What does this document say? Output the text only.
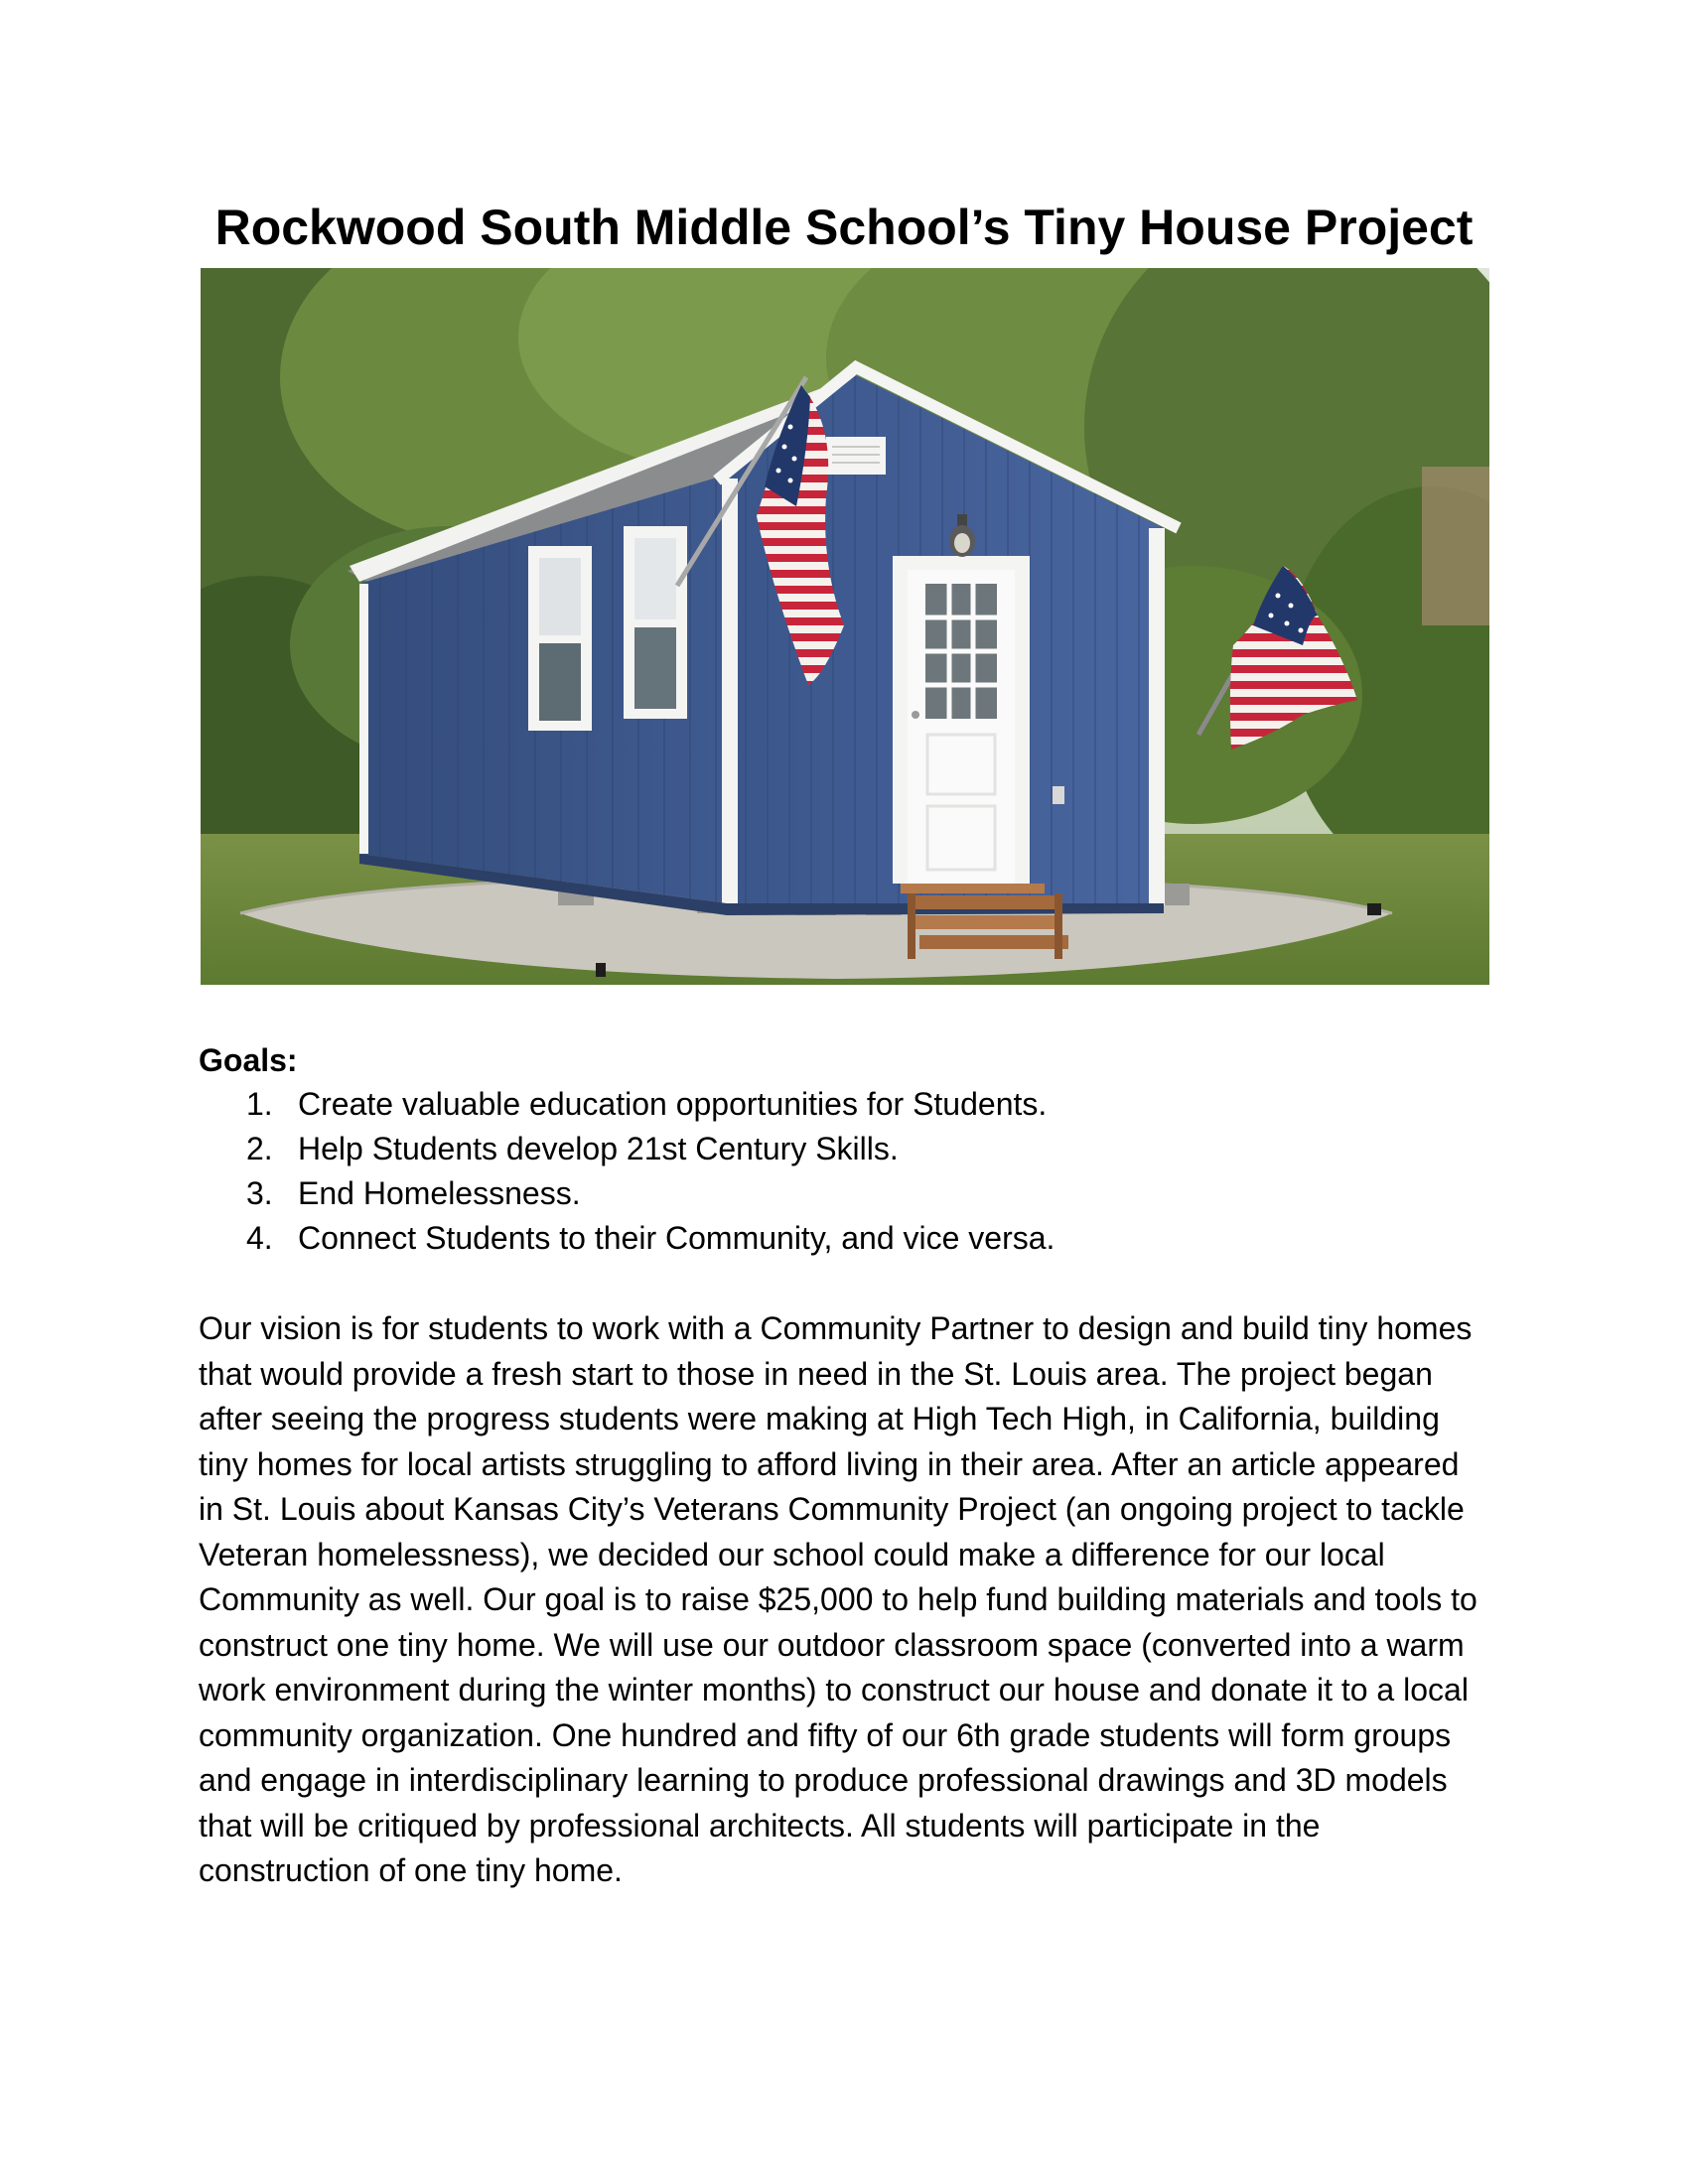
Rockwood South Middle School’s Tiny House Project

Goals:

1. Create valuable education opportunities for Students.
2. Help Students develop 21st Century Skills.
3. End Homelessness.
4. Connect Students to their Community, and vice versa.

Our vision is for students to work with a Community Partner to design and build tiny homes that would provide a fresh start to those in need in the St. Louis area. The project began after seeing the progress students were making at High Tech High, in California, building tiny homes for local artists struggling to afford living in their area. After an article appeared in St. Louis about Kansas City’s Veterans Community Project (an ongoing project to tackle Veteran homelessness), we decided our school could make a difference for our local Community as well. Our goal is to raise $25,000 to help fund building materials and tools to construct one tiny home. We will use our outdoor classroom space (converted into a warm work environment during the winter months) to construct our house and donate it to a local community organization. One hundred and fifty of our 6th grade students will form groups and engage in interdisciplinary learning to produce professional drawings and 3D models that will be critiqued by professional architects. All students will participate in the construction of one tiny home.
